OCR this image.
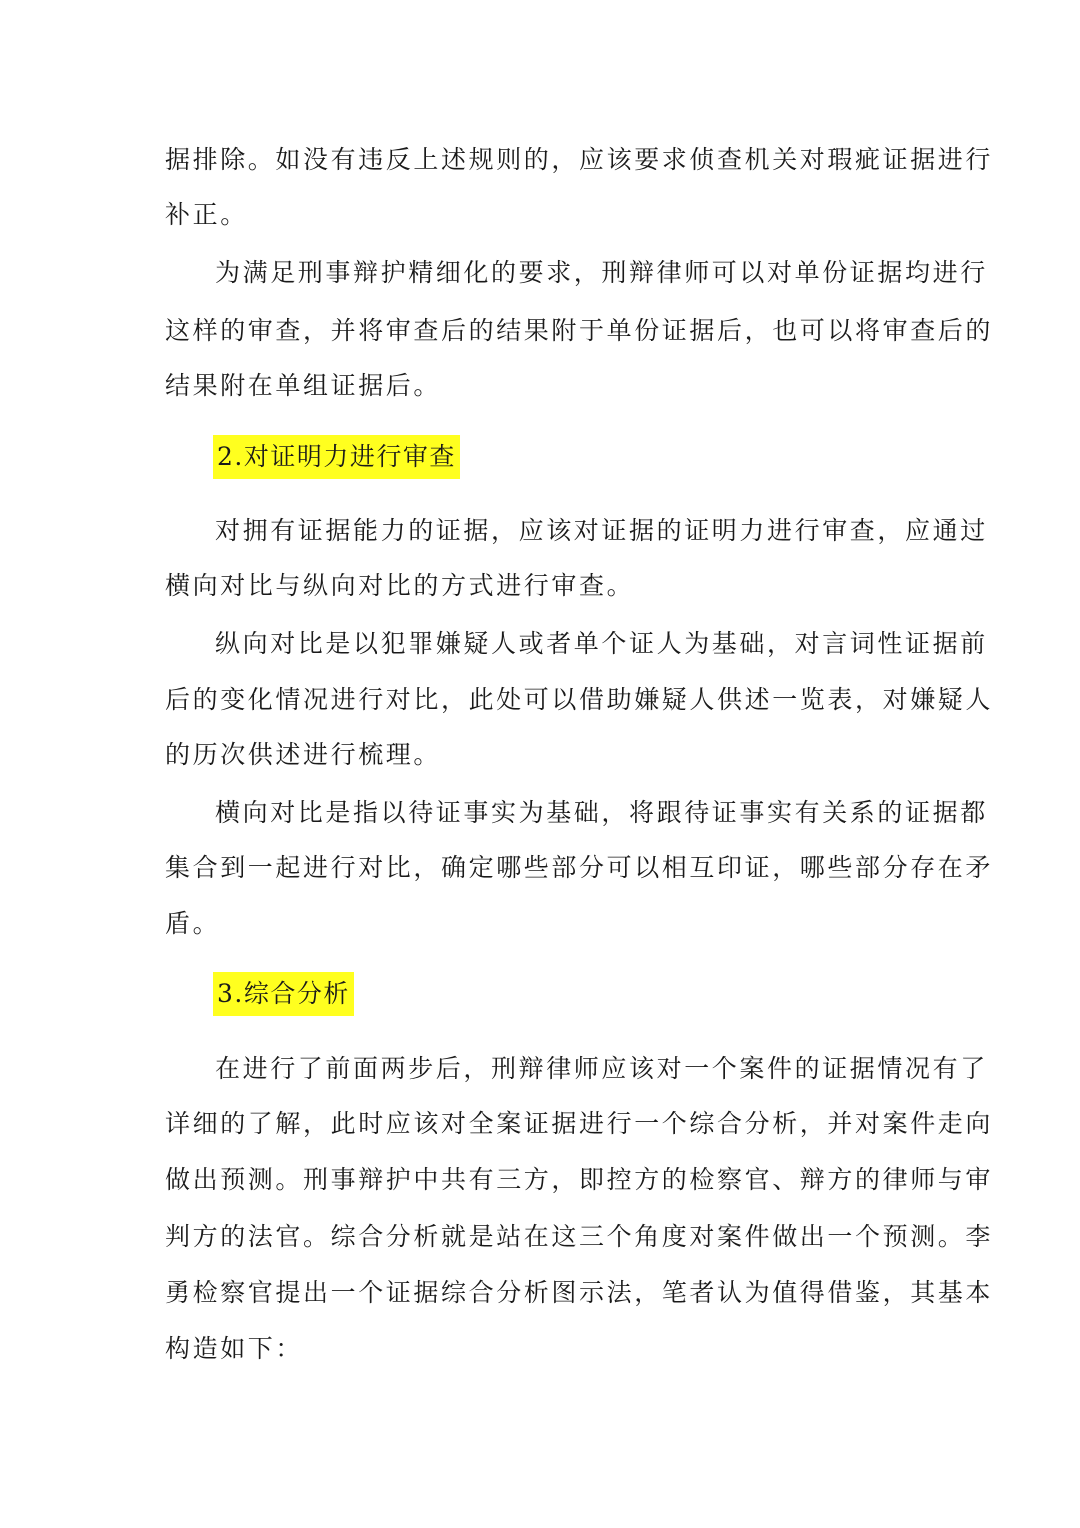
据排除。如没有违反上述规则的，应该要求侦查机关对瑕疵证据进行
补正。
为满足刑事辩护精细化的要求，刑辩律师可以对单份证据均进行
这样的审查，并将审查后的结果附于单份证据后，也可以将审查后的
结果附在单组证据后。
2.对证明力进行审查
对拥有证据能力的证据，应该对证据的证明力进行审查，应通过
横向对比与纵向对比的方式进行审查。
纵向对比是以犯罪嫌疑人或者单个证人为基础，对言词性证据前
后的变化情况进行对比，此处可以借助嫌疑人供述一览表，对嫌疑人
的历次供述进行梳理。
横向对比是指以待证事实为基础，将跟待证事实有关系的证据都
集合到一起进行对比，确定哪些部分可以相互印证，哪些部分存在矛
盾。
3.综合分析
在进行了前面两步后，刑辩律师应该对一个案件的证据情况有了
详细的了解，此时应该对全案证据进行一个综合分析，并对案件走向
做出预测。刑事辩护中共有三方，即控方的检察官、辩方的律师与审
判方的法官。综合分析就是站在这三个角度对案件做出一个预测。李
勇检察官提出一个证据综合分析图示法，笔者认为值得借鉴，其基本
构造如下：
